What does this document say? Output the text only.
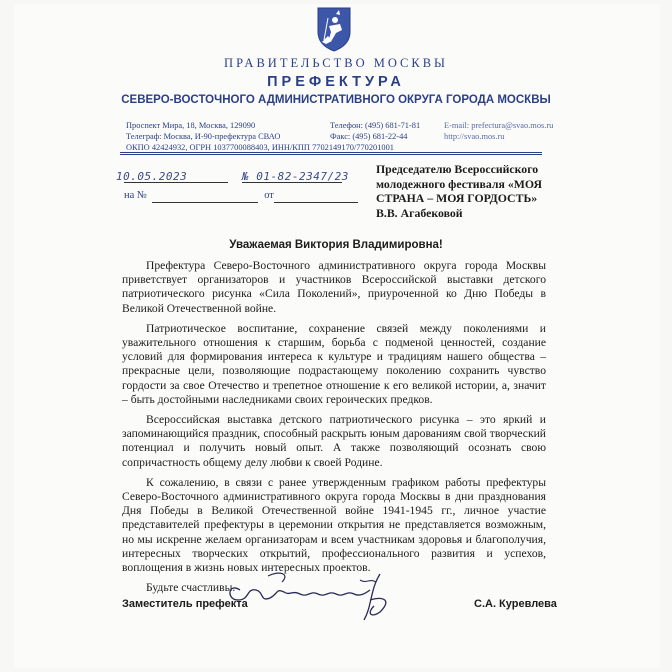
ПРАВИТЕЛЬСТВО МОСКВЫ
ПРЕФЕКТУРА
СЕВЕРО-ВОСТОЧНОГО АДМИНИСТРАТИВНОГО ОКРУГА ГОРОДА МОСКВЫ
Проспект Мира, 18, Москва, 129090
Телеграф: Москва, И-90-префектура СВАО
ОКПО 42424932, ОГРН 1037700088403, ИНН/КПП 7702149170/770201001
Телефон: (495) 681-71-81
Факс: (495) 681-22-44
E-mail: prefectura@svao.mos.ru
http://svao.mos.ru
10.05.2023	№ 01-82-2347/23
на №	от
Председателю Всероссийского
молодежного фестиваля «МОЯ
СТРАНА – МОЯ ГОРДОСТЬ»
В.В. Агабековой
Уважаемая Виктория Владимировна!

Префектура Северо-Восточного административного округа города Москвы приветствует организаторов и участников Всероссийской выставки детского патриотического рисунка «Сила Поколений», приуроченной ко Дню Победы в Великой Отечественной войне.

Патриотическое воспитание, сохранение связей между поколениями и уважительного отношения к старшим, борьба с подменой ценностей, создание условий для формирования интереса к культуре и традициям нашего общества – прекрасные цели, позволяющие подрастающему поколению сохранить чувство гордости за свое Отечество и трепетное отношение к его великой истории, а, значит – быть достойными наследниками своих героических предков.

Всероссийская выставка детского патриотического рисунка – это яркий и запоминающийся праздник, способный раскрыть юным дарованиям свой творческий потенциал и получить новый опыт. А также позволяющий осознать свою сопричастность общему делу любви к своей Родине.

К сожалению, в связи с ранее утвержденным графиком работы префектуры Северо-Восточного административного округа города Москвы в дни празднования Дня Победы в Великой Отечественной войне 1941-1945 гг., личное участие представителей префектуры в церемонии открытия не представляется возможным, но мы искренне желаем организаторам и всем участникам здоровья и благополучия, интересных творческих открытий, профессионального развития и успехов, воплощения в жизнь новых интересных проектов.

Будьте счастливы.

Заместитель префекта	С.А. Куревлева
